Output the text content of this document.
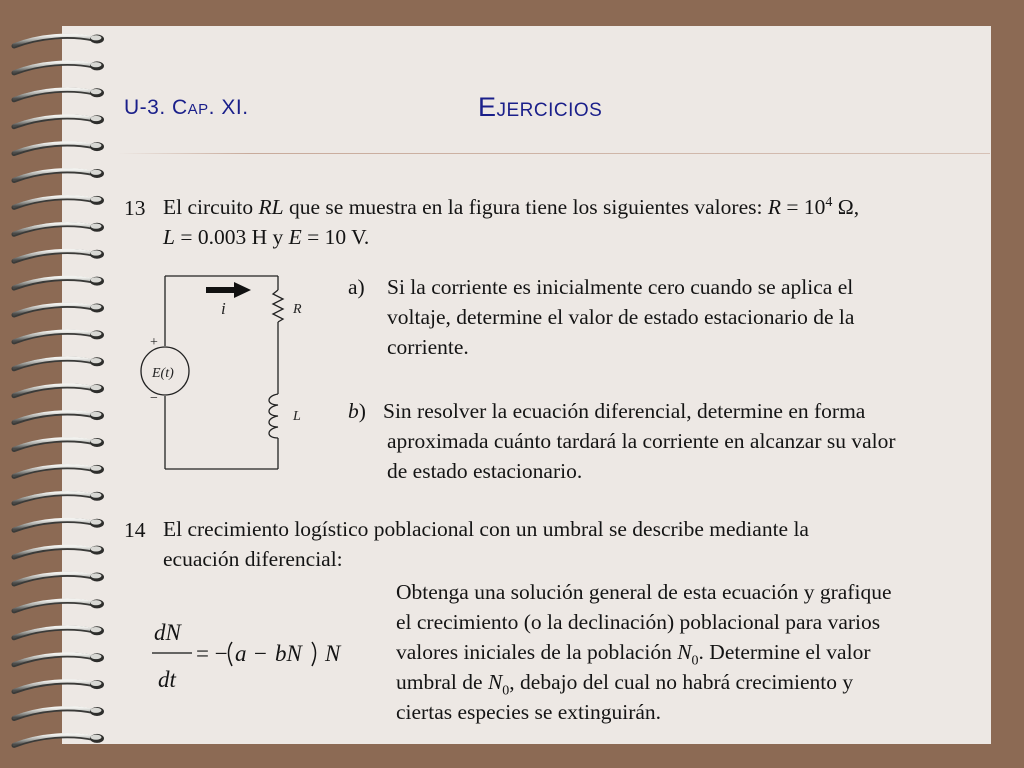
U-3. Cap. XI.	Ejercicios
13 El circuito RL que se muestra en la figura tiene los siguientes valores: $R = 10^4$ Ω,
L = 0.003 H y E = 10 V.
a) Si la corriente es inicialmente cero cuando se aplica el
voltaje, determine el valor de estado estacionario de la
corriente.
b) Sin resolver la ecuación diferencial, determine en forma
aproximada cuánto tardará la corriente en alcanzar su valor
de estado estacionario.
i	R
L
E(t)
+
−
14 El crecimiento logístico poblacional con un umbral se describe mediante la
ecuación diferencial:
dN
dt
a bN N
= − −
Obtenga una solución general de esta ecuación y grafique
el crecimiento (o la declinación) poblacional para varios
valores iniciales de la población $N_0$. Determine el valor
umbral de $N_0$, debajo del cual no habrá crecimiento y
ciertas especies se extinguirán.
